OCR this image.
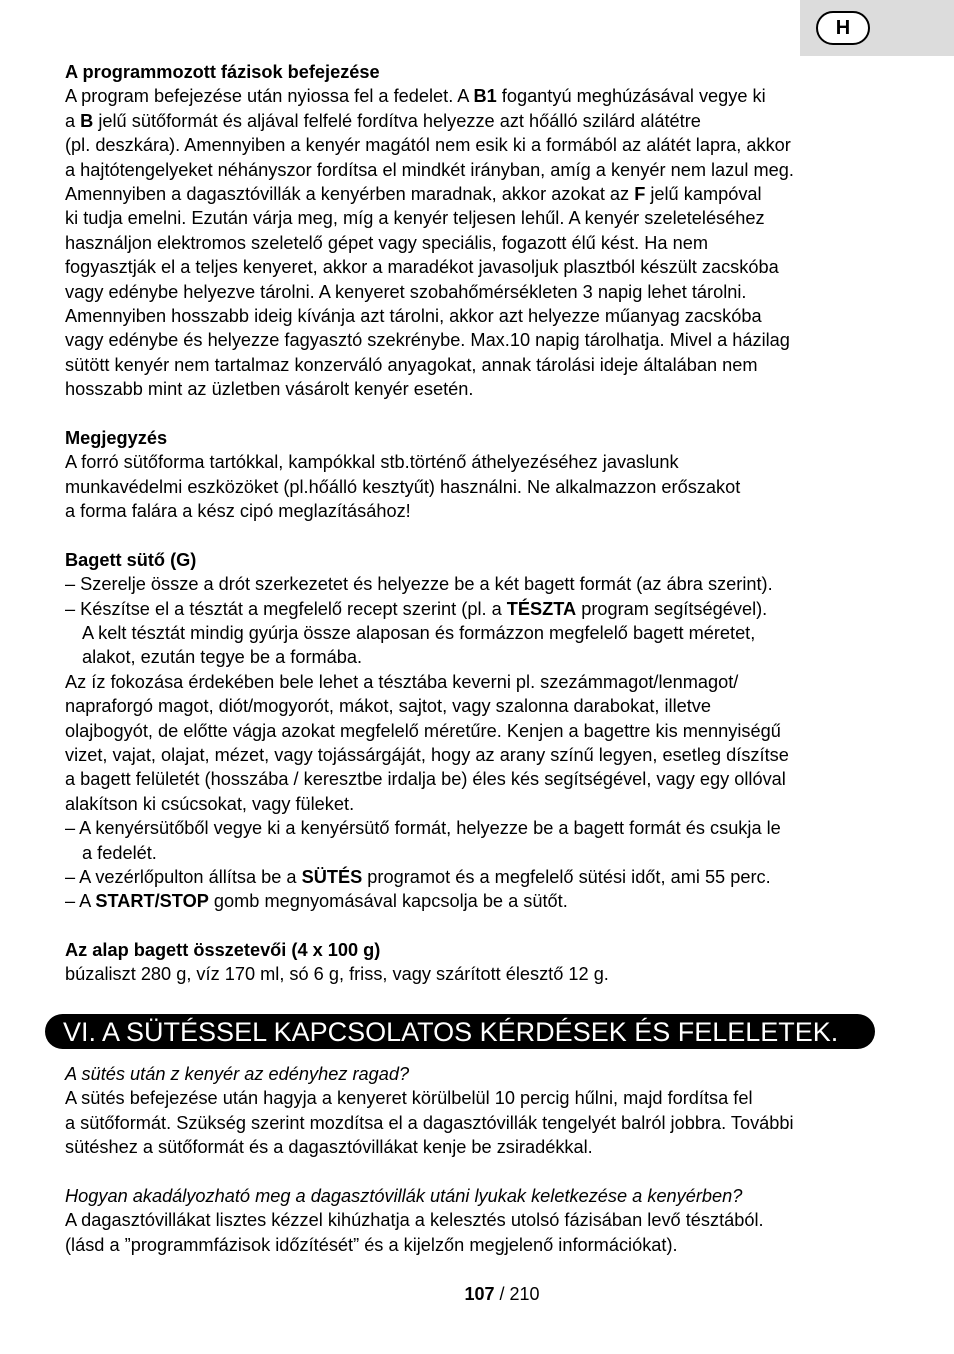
H
A programmozott fázisok befejezése
A program befejezése után nyiossa fel a fedelet. A B1 fogantyú meghúzásával vegye ki
a B jelű sütőformát és aljával felfelé fordítva helyezze azt hőálló szilárd alátétre
(pl. deszkára). Amennyiben a kenyér magától nem esik ki a formából az alátét lapra, akkor
a hajtótengelyeket néhányszor fordítsa el mindkét irányban, amíg a kenyér nem lazul meg.
Amennyiben a dagasztóvillák a kenyérben maradnak, akkor azokat az F jelű kampóval
ki tudja emelni. Ezután várja meg, míg a kenyér teljesen lehűl. A kenyér szeleteléséhez
használjon elektromos szeletelő gépet vagy speciális, fogazott élű kést. Ha nem
fogyasztják el a teljes kenyeret, akkor a maradékot javasoljuk plasztból készült zacskóba
vagy edénybe helyezve tárolni. A kenyeret szobahőmérsékleten 3 napig lehet tárolni.
Amennyiben hosszabb ideig kívánja azt tárolni, akkor azt helyezze műanyag zacskóba
vagy edénybe és helyezze fagyasztó szekrénybe. Max.10 napig tárolhatja. Mivel a házilag
sütött kenyér nem tartalmaz konzerváló anyagokat, annak tárolási ideje általában nem
hosszabb mint az üzletben vásárolt kenyér esetén.
Megjegyzés
A forró sütőforma tartókkal, kampókkal stb.történő áthelyezéséhez javaslunk
munkavédelmi eszközöket (pl.hőálló kesztyűt) használni. Ne alkalmazzon erőszakot
a forma falára a kész cipó meglazításához!
Bagett sütő (G)
– Szerelje össze a drót szerkezetet és helyezze be a két bagett formát (az ábra szerint).
– Készítse el a tésztát a megfelelő recept szerint (pl. a TÉSZTA program segítségével).
A kelt tésztát mindig gyúrja össze alaposan és formázzon megfelelő bagett méretet,
alakot, ezután tegye be a formába.
Az íz fokozása érdekében bele lehet a tésztába keverni pl. szezámmagot/lenmagot/
napraforgó magot, diót/mogyorót, mákot, sajtot, vagy szalonna darabokat, illetve
olajbogyót, de előtte vágja azokat megfelelő méretűre. Kenjen a bagettre kis mennyiségű
vizet, vajat, olajat, mézet, vagy tojássárgáját, hogy az arany színű legyen, esetleg díszítse
a bagett felületét (hosszába / keresztbe irdalja be) éles kés segítségével, vagy egy ollóval
alakítson ki csúcsokat, vagy füleket.
– A kenyérsütőből vegye ki a kenyérsütő formát, helyezze be a bagett formát és csukja le
a fedelét.
– A vezérlőpulton állítsa be a SÜTÉS programot és a megfelelő sütési időt, ami 55 perc.
– A START/STOP gomb megnyomásával kapcsolja be a sütőt.
Az alap bagett összetevői (4 x 100 g)
búzaliszt 280 g, víz 170 ml, só 6 g, friss, vagy szárított élesztő 12 g.
VI. A SÜTÉSSEL KAPCSOLATOS KÉRDÉSEK ÉS FELELETEK.
A sütés után z kenyér az edényhez ragad?
A sütés befejezése után hagyja a kenyeret körülbelül 10 percig hűlni, majd fordítsa fel
a sütőformát. Szükség szerint mozdítsa el a dagasztóvillák tengelyét balról jobbra. További
sütéshez a sütőformát és a dagasztóvillákat kenje be zsiradékkal.
Hogyan akadályozható meg a dagasztóvillák utáni lyukak keletkezése a kenyérben?
A dagasztóvillákat lisztes kézzel kihúzhatja a kelesztés utolsó fázisában levő tésztából.
(lásd a ”programmfázisok időzítését” és a kijelzőn megjelenő információkat).
107 / 210
